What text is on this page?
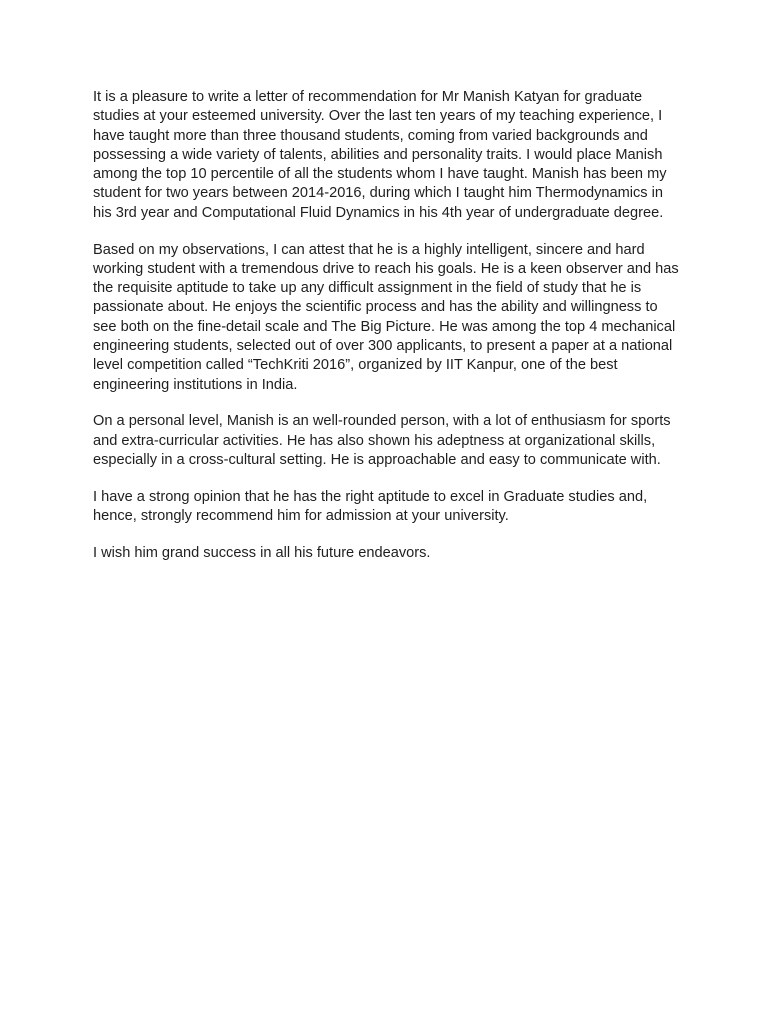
It is a pleasure to write a letter of recommendation for Mr Manish Katyan for graduate studies at your esteemed university. Over the last ten years of my teaching experience, I have taught more than three thousand students, coming from varied backgrounds and possessing a wide variety of talents, abilities and personality traits. I would place Manish among the top 10 percentile of all the students whom I have taught. Manish has been my student for two years between 2014-2016, during which I taught him Thermodynamics in his 3rd year and Computational Fluid Dynamics in his 4th year of undergraduate degree.

Based on my observations, I can attest that he is a highly intelligent, sincere and hard working student with a tremendous drive to reach his goals. He is a keen observer and has the requisite aptitude to take up any difficult assignment in the field of study that he is passionate about. He enjoys the scientific process and has the ability and willingness to see both on the fine-detail scale and The Big Picture. He was among the top 4 mechanical engineering students, selected out of over 300 applicants, to present a paper at a national level competition called “TechKriti 2016”, organized by IIT Kanpur, one of the best engineering institutions in India.

On a personal level, Manish is an well-rounded person, with a lot of enthusiasm for sports and extra-curricular activities. He has also shown his adeptness at organizational skills, especially in a cross-cultural setting. He is approachable and easy to communicate with.

I have a strong opinion that he has the right aptitude to excel in Graduate studies and, hence, strongly recommend him for admission at your university.

I wish him grand success in all his future endeavors.
